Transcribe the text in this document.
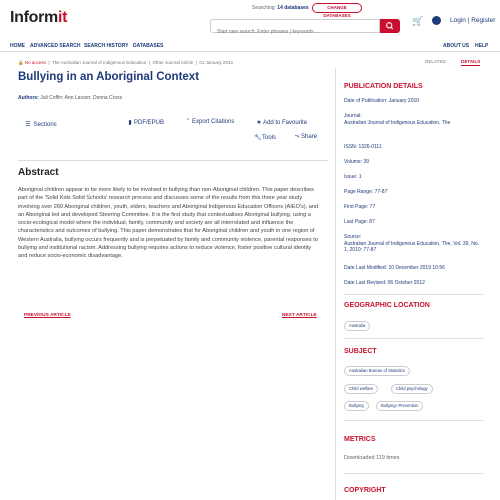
Informit
Searching: 14 databases	CHANGE DATABASES
Start new search. Enter phrases | keywords ...
🛒	Login | Register
HOME ADVANCED SEARCH SEARCH HISTORY DATABASES	ABOUT US HELP
🔒 No access  |  The Australian Journal of Indigenous Education  |  Other Journal Article  |  01 January 2010
Bullying in an Aboriginal Context
Authors: Juli Coffin; Ann Larson; Donna Cross
☰ Sections	▮ PDF/EPUB	” Export Citations	★Add to Favourite
🔧Tools	⤳ Share
Abstract
Aboriginal children appear to be more likely to be involved in bullying than non-Aboriginal children. This paper describes part of the 'Solid Kids Solid Schools' research process and discusses some of the results from this three year study involving over 260 Aboriginal children, youth, elders, teachers and Aboriginal Indigenous Education Officers (AIEO's), and an Aboriginal led and developed Steering Committee. It is the first study that contextualises Aboriginal bullying, using a socio-ecological model where the individual, family, community and society are all interrelated and influence the characteristics and outcomes of bullying. This paper demonstrates that for Aboriginal children and youth in one region of Western Australia, bullying occurs frequently and is perpetuated by family and community violence, parental responses to bullying and institutional racism. Addressing bullying requires actions to reduce violence, foster positive cultural identity and reduce socio-economic disadvantage.
PREVIOUS ARTICLE	NEXT ARTICLE
RELATED	DETAILS
PUBLICATION DETAILS
Date of Publication: January 2010
Journal:
Australian Journal of Indigenous Education, The
ISSN: 1326-0111
Volume: 39
Issue: 1
Page Range: 77-87
First Page: 77
Last Page: 87
Source:
Australian Journal of Indigenous Education, The, Vol. 39, No. 1, 2010: 77-87
Date Last Modified: 10 December 2019 10:56
Date Last Revised: 06 October 2012
GEOGRAPHIC LOCATION
Australia
SUBJECT
Australian Bureau of Statistics
Child welfare	Child psychology
Bullying	Bullying--Prevention
METRICS
Downloaded 119 times
COPYRIGHT
